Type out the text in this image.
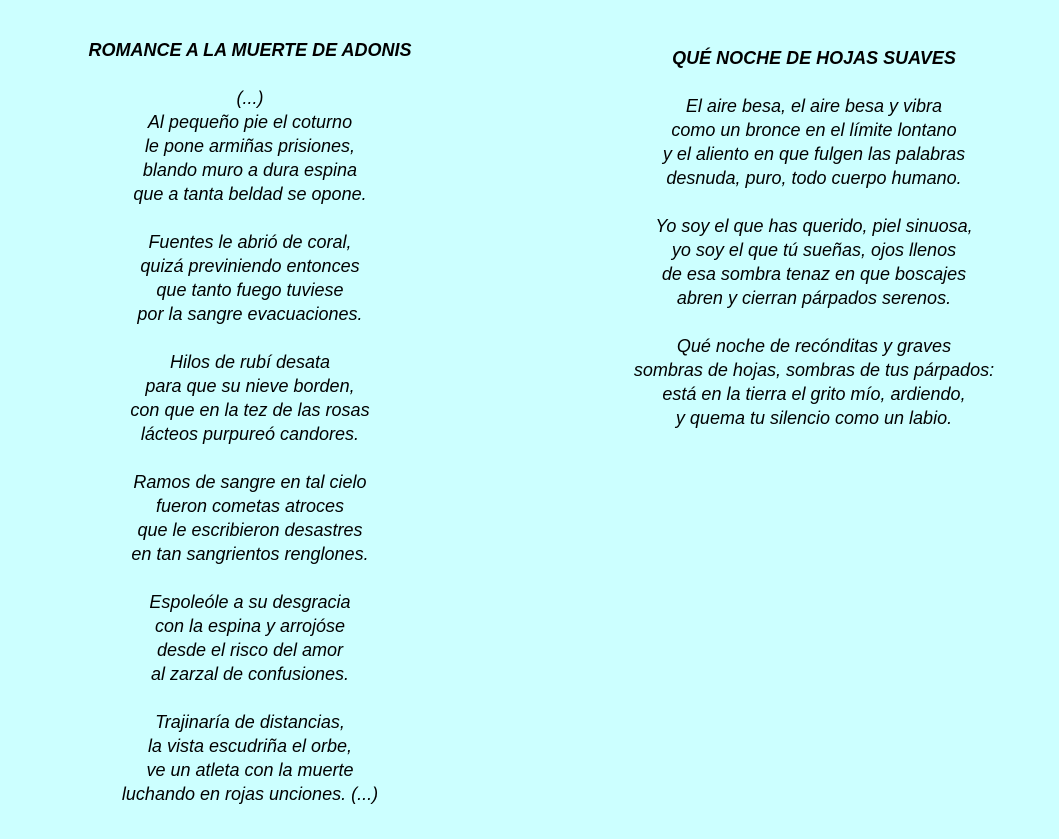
ROMANCE A LA MUERTE DE ADONIS
(...)
Al pequeño pie el coturno
le pone armiñas prisiones,
blando muro a dura espina
que a tanta beldad se opone.
Fuentes le abrió de coral,
quizá previniendo entonces
que tanto fuego tuviese
por la sangre evacuaciones.
Hilos de rubí desata
para que su nieve borden,
con que en la tez de las rosas
lácteos purpureó candores.
Ramos de sangre en tal cielo
fueron cometas atroces
que le escribieron desastres
en tan sangrientos renglones.
Espoleóle a su desgracia
con la espina y arrojóse
desde el risco del amor
al zarzal de confusiones.
Trajinaría de distancias,
la vista escudriña el orbe,
ve un atleta con la muerte
luchando en rojas unciones. (...)
QUÉ NOCHE DE HOJAS SUAVES
El aire besa, el aire besa y vibra
como un bronce en el límite lontano
y el aliento en que fulgen las palabras
desnuda, puro, todo cuerpo humano.
Yo soy el que has querido, piel sinuosa,
yo soy el que tú sueñas, ojos llenos
de esa sombra tenaz en que boscajes
abren y cierran párpados serenos.
Qué noche de recónditas y graves
sombras de hojas, sombras de tus párpados:
está en la tierra el grito mío, ardiendo,
y quema tu silencio como un labio.
